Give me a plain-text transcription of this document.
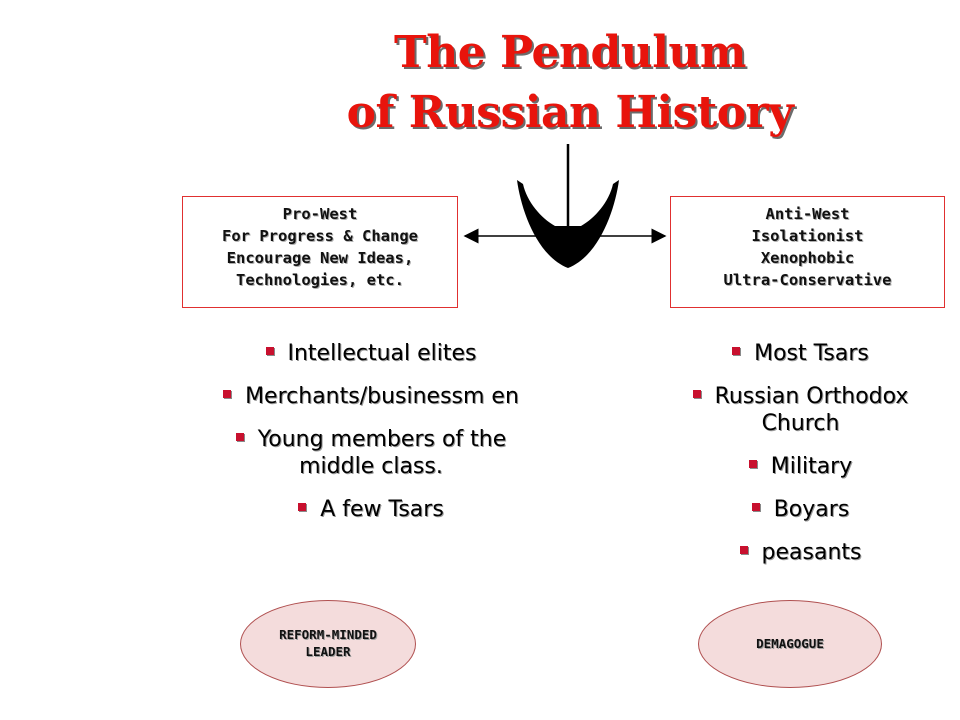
The Pendulum
of Russian History
Pro-West
For Progress & Change
Encourage New Ideas,
Technologies, etc.
Anti-West
Isolationist
Xenophobic
Ultra-Conservative
Intellectual elites
Merchants/businessm en
Young members of the middle class.
A few Tsars
Most Tsars
Russian Orthodox Church
Military
Boyars
peasants
REFORM-MINDED
LEADER
DEMAGOGUE
